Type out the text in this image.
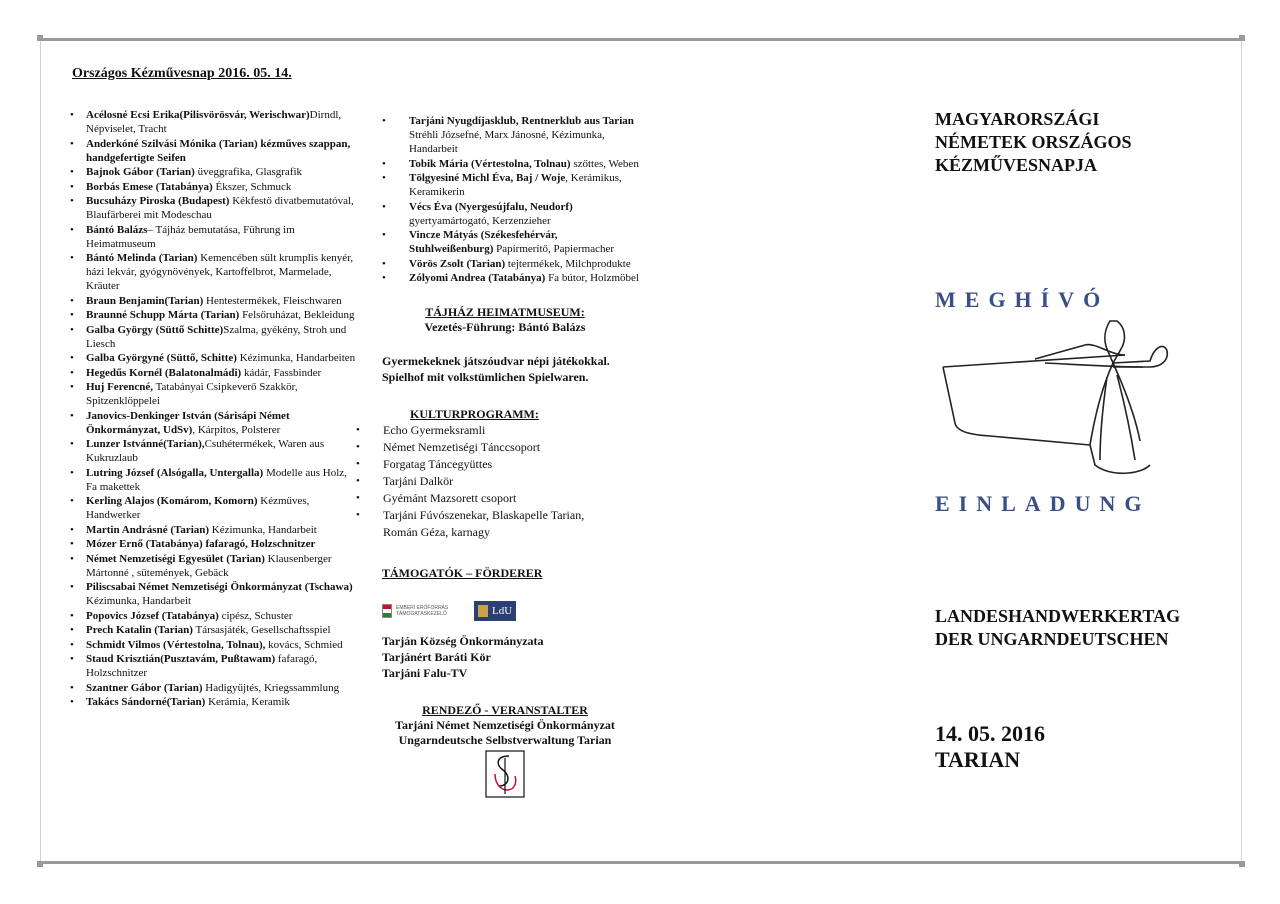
Országos Kézművesnap 2016. 05. 14.
• Acélosné Ecsi Erika(Pilisvörösvár, Werischwar)Dirndl, Népviselet, Tracht
• Anderkóné Szilvási Mónika (Tarian) kézműves szappan, handgefertigte Seifen
• Bajnok Gábor (Tarian) üveggrafika, Glasgrafik
• Borbás Emese (Tatabánya) Ékszer, Schmuck
• Bucsuházy Piroska (Budapest) Kékfestő divatbemutatóval, Blaufärberei mit Modeschau
• Bántó Balázs– Tájház bemutatása, Führung im Heimatmuseum
• Bántó Melinda (Tarian) Kemencében sült krumplis kenyér, házi lekvár, gyógynövények, Kartoffelbrot, Marmelade, Kräuter
• Braun Benjamin(Tarian) Hentestermékek, Fleischwaren
• Braunné Schupp Márta (Tarian) Felsőruházat, Bekleidung
• Galba György (Süttő Schitte)Szalma, gyékény, Stroh und Liesch
• Galba Györgyné (Süttő, Schitte) Kézimunka, Handarbeiten
• Hegedűs Kornél (Balatonalmádi) kádár, Fassbinder
• Huj Ferencné, Tatabányai Csipkeverő Szakkör, Spitzenklöppelei
• Janovics-Denkinger István (Sárisápi Német Önkormányzat, UdSv), Kárpitos, Polsterer
• Lunzer Istvánné(Tarian),Csuhétermékek, Waren aus Kukruzlaub
• Lutring József (Alsógalla, Untergalla) Modelle aus Holz, Fa makettek
• Kerling Alajos (Komárom, Komorn) Kézműves, Handwerker
• Martin Andrásné (Tarian) Kézimunka, Handarbeit
• Mózer Ernő (Tatabánya) fafaragó, Holzschnitzer
• Német Nemzetiségi Egyesület (Tarian) Klausenberger Mártonné , sütemények, Gebäck
• Piliscsabai Német Nemzetiségi Önkormányzat (Tschawa) Kézimunka, Handarbeit
• Popovics József (Tatabánya) cipész, Schuster
• Prech Katalin (Tarian) Társasjáték, Gesellschaftsspiel
• Schmidt Vilmos (Vértestolna, Tolnau), kovács, Schmied
• Staud Krisztián(Pusztavám, Pußtawam) fafaragó, Holzschnitzer
• Szantner Gábor (Tarian) Hadigyűjtés, Kriegssammlung
• Takács Sándorné(Tarian) Kerámia, Keramik
• Tarjáni Nyugdíjasklub, Rentnerklub aus Tarian Stréhli Józsefné, Marx Jánosné, Kézimunka, Handarbeit
• Tobik Mária (Vértestolna, Tolnau) szőttes, Weben
• Tölgyesiné Michl Éva, Baj / Woje, Kerámikus, Keramikerin
• Vécs Éva (Nyergesújfalu, Neudorf) gyertyamártogató, Kerzenzieher
• Vincze Mátyás (Székesfehérvár, Stuhlweißenburg) Papírmerítő, Papiermacher
• Vörös Zsolt (Tarian) tejtermékek, Milchprodukte
• Zólyomi Andrea (Tatabánya) Fa bútor, Holzmöbel
TÁJHÁZ HEIMATMUSEUM:
Vezetés-Führung: Bántó Balázs
Gyermekeknek játszóudvar népi játékokkal. Spielhof mit volkstümlichen Spielwaren.
KULTURPROGRAMM:
• Echo Gyermeksramli
• Német Nemzetiségi Tánccsoport
• Forgatag Táncegyüttes
• Tarjáni Dalkör
• Gyémánt Mazsorett csoport
• Tarjáni Fúvószenekar, Blaskapelle Tarian, Román Géza, karnagy
TÁMOGATÓK – FÖRDERER
EMBERI ERŐFORRÁS TÁMOGATÁSKEZELŐ	LdU
Tarján Község Önkormányzata
Tarjánért Baráti Kör
Tarjáni Falu-TV
RENDEZŐ - VERANSTALTER
Tarjáni Német Nemzetiségi Önkormányzat
Ungarndeutsche Selbstverwaltung Tarian
MAGYARORSZÁGI
NÉMETEK ORSZÁGOS
KÉZMŰVESNAPJA
MEGHÍVÓ
EINLADUNG
LANDESHANDWERKERTAG
DER UNGARNDEUTSCHEN
14. 05. 2016
TARIAN
